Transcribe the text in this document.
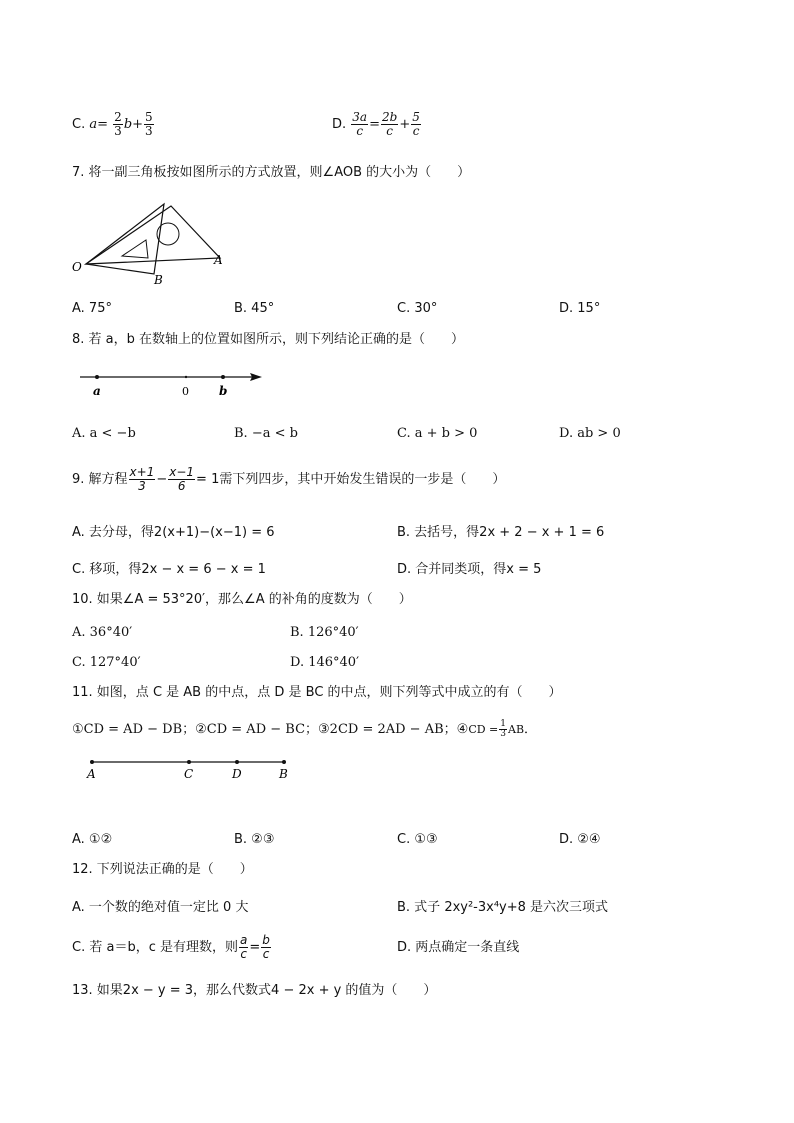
C. $a= \frac{2}{3} b+ \frac{5}{3}$	D. $\frac{3a}{c} = \frac{2b}{c} + \frac{5}{c}$
7. 将一副三角板按如图所示的方式放置，则∠AOB 的大小为（　　）
O	A
B
A. 75°	B. 45°	C. 30°	D. 15°
8. 若 a，b 在数轴上的位置如图所示，则下列结论正确的是（　　）
a	0	b
A. a < −b	B. −a < b	C. a + b > 0	D. ab > 0
9. 解方程 $\frac{x+1}{3} - \frac{x-1}{6} = 1$需下列四步，其中开始发生错误的一步是（　　）
A. 去分母，得2(x+1)−(x−1) = 6	B. 去括号，得2x + 2 − x + 1 = 6
C. 移项，得2x − x = 6 − x = 1	D. 合并同类项，得x = 5
10. 如果∠A = 53°20′，那么∠A 的补角的度数为（　　）
A. 36°40′	B. 126°40′
C. 127°40′	D. 146°40′
11. 如图，点 C 是 AB 的中点，点 D 是 BC 的中点，则下列等式中成立的有（　　）
①CD = AD − DB；②CD = AD − BC；③2CD = 2AD − AB；④CD = $\frac{1}{3}$ AB．
A	C	D	B
A. ①②	B. ②③	C. ①③	D. ②④
12. 下列说法正确的是（　　）
A. 一个数的绝对值一定比 0 大	B. 式子 2xy²-3x⁴y+8 是六次三项式
C. 若 a＝b，c 是有理数，则 $\frac{a}{c} = \frac{b}{c}$	D. 两点确定一条直线
13. 如果2x − y = 3，那么代数式4 − 2x + y 的值为（　　）
